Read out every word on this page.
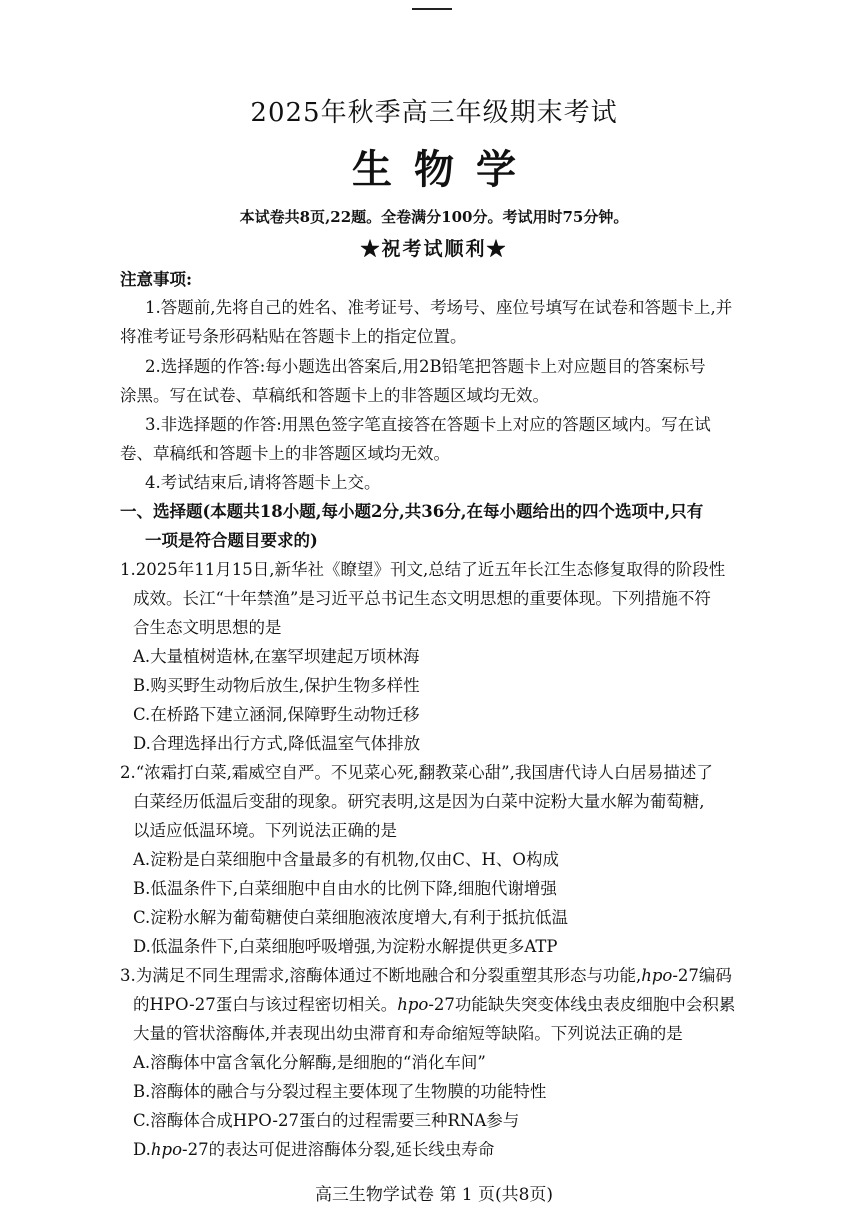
2025年秋季高三年级期末考试
生物学
本试卷共8页,22题。全卷满分100分。考试用时75分钟。
★祝考试顺利★
注意事项:
1.答题前,先将自己的姓名、准考证号、考场号、座位号填写在试卷和答题卡上,并
将准考证号条形码粘贴在答题卡上的指定位置。
2.选择题的作答:每小题选出答案后,用2B铅笔把答题卡上对应题目的答案标号
涂黑。写在试卷、草稿纸和答题卡上的非答题区域均无效。
3.非选择题的作答:用黑色签字笔直接答在答题卡上对应的答题区域内。写在试
卷、草稿纸和答题卡上的非答题区域均无效。
4.考试结束后,请将答题卡上交。
一、选择题(本题共18小题,每小题2分,共36分,在每小题给出的四个选项中,只有
一项是符合题目要求的)
1.2025年11月15日,新华社《瞭望》刊文,总结了近五年长江生态修复取得的阶段性
成效。长江“十年禁渔”是习近平总书记生态文明思想的重要体现。下列措施不符
合生态文明思想的是
A.大量植树造林,在塞罕坝建起万顷林海
B.购买野生动物后放生,保护生物多样性
C.在桥路下建立涵洞,保障野生动物迁移
D.合理选择出行方式,降低温室气体排放
2.“浓霜打白菜,霜威空自严。不见菜心死,翻教菜心甜”,我国唐代诗人白居易描述了
白菜经历低温后变甜的现象。研究表明,这是因为白菜中淀粉大量水解为葡萄糖,
以适应低温环境。下列说法正确的是
A.淀粉是白菜细胞中含量最多的有机物,仅由C、H、O构成
B.低温条件下,白菜细胞中自由水的比例下降,细胞代谢增强
C.淀粉水解为葡萄糖使白菜细胞液浓度增大,有利于抵抗低温
D.低温条件下,白菜细胞呼吸增强,为淀粉水解提供更多ATP
3.为满足不同生理需求,溶酶体通过不断地融合和分裂重塑其形态与功能,hpo-27编码
的HPO-27蛋白与该过程密切相关。hpo-27功能缺失突变体线虫表皮细胞中会积累
大量的管状溶酶体,并表现出幼虫滞育和寿命缩短等缺陷。下列说法正确的是
A.溶酶体中富含氧化分解酶,是细胞的“消化车间”
B.溶酶体的融合与分裂过程主要体现了生物膜的功能特性
C.溶酶体合成HPO-27蛋白的过程需要三种RNA参与
D.hpo-27的表达可促进溶酶体分裂,延长线虫寿命
高三生物学试卷 第 1 页(共8页)
